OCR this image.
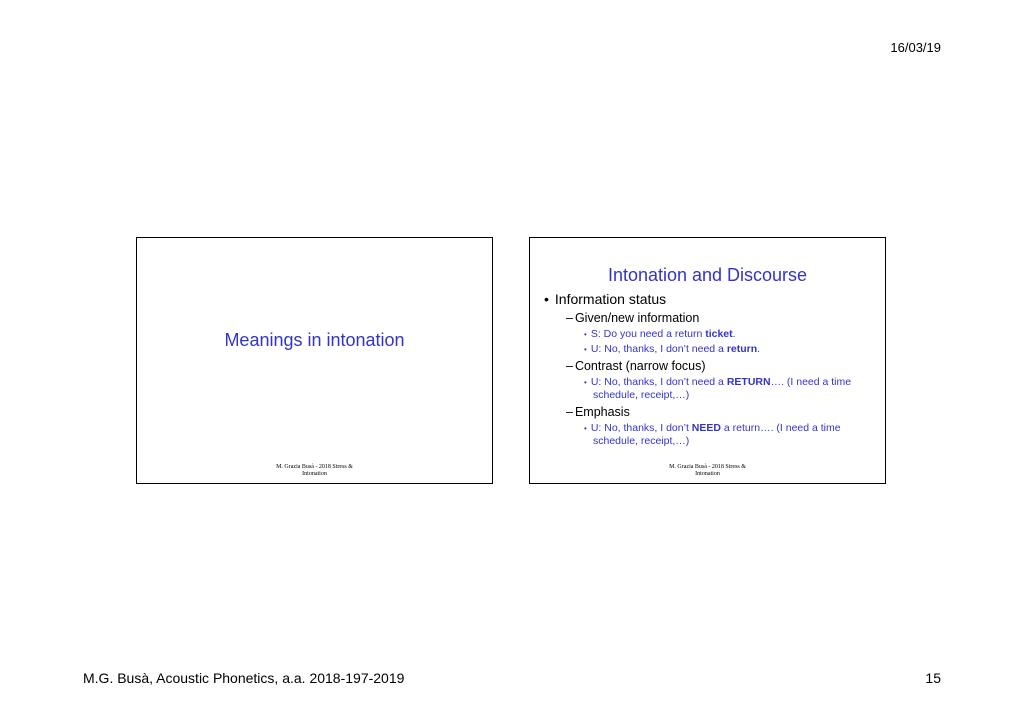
16/03/19
Meanings in intonation
M. Grazia Busà - 2018 Stress &
Intonation
Intonation and Discourse
• Information status
– Given/new information
• S: Do you need a return ticket.
• U: No, thanks, I don’t need a return.
– Contrast (narrow focus)
• U: No, thanks, I don’t need a RETURN…. (I need a time schedule, receipt,…)
– Emphasis
• U: No, thanks, I don’t NEED a return…. (I need a time schedule, receipt,…)
M. Grazia Busà - 2018 Stress &
Intonation
M.G. Busà, Acoustic Phonetics, a.a. 2018-197-2019	15
